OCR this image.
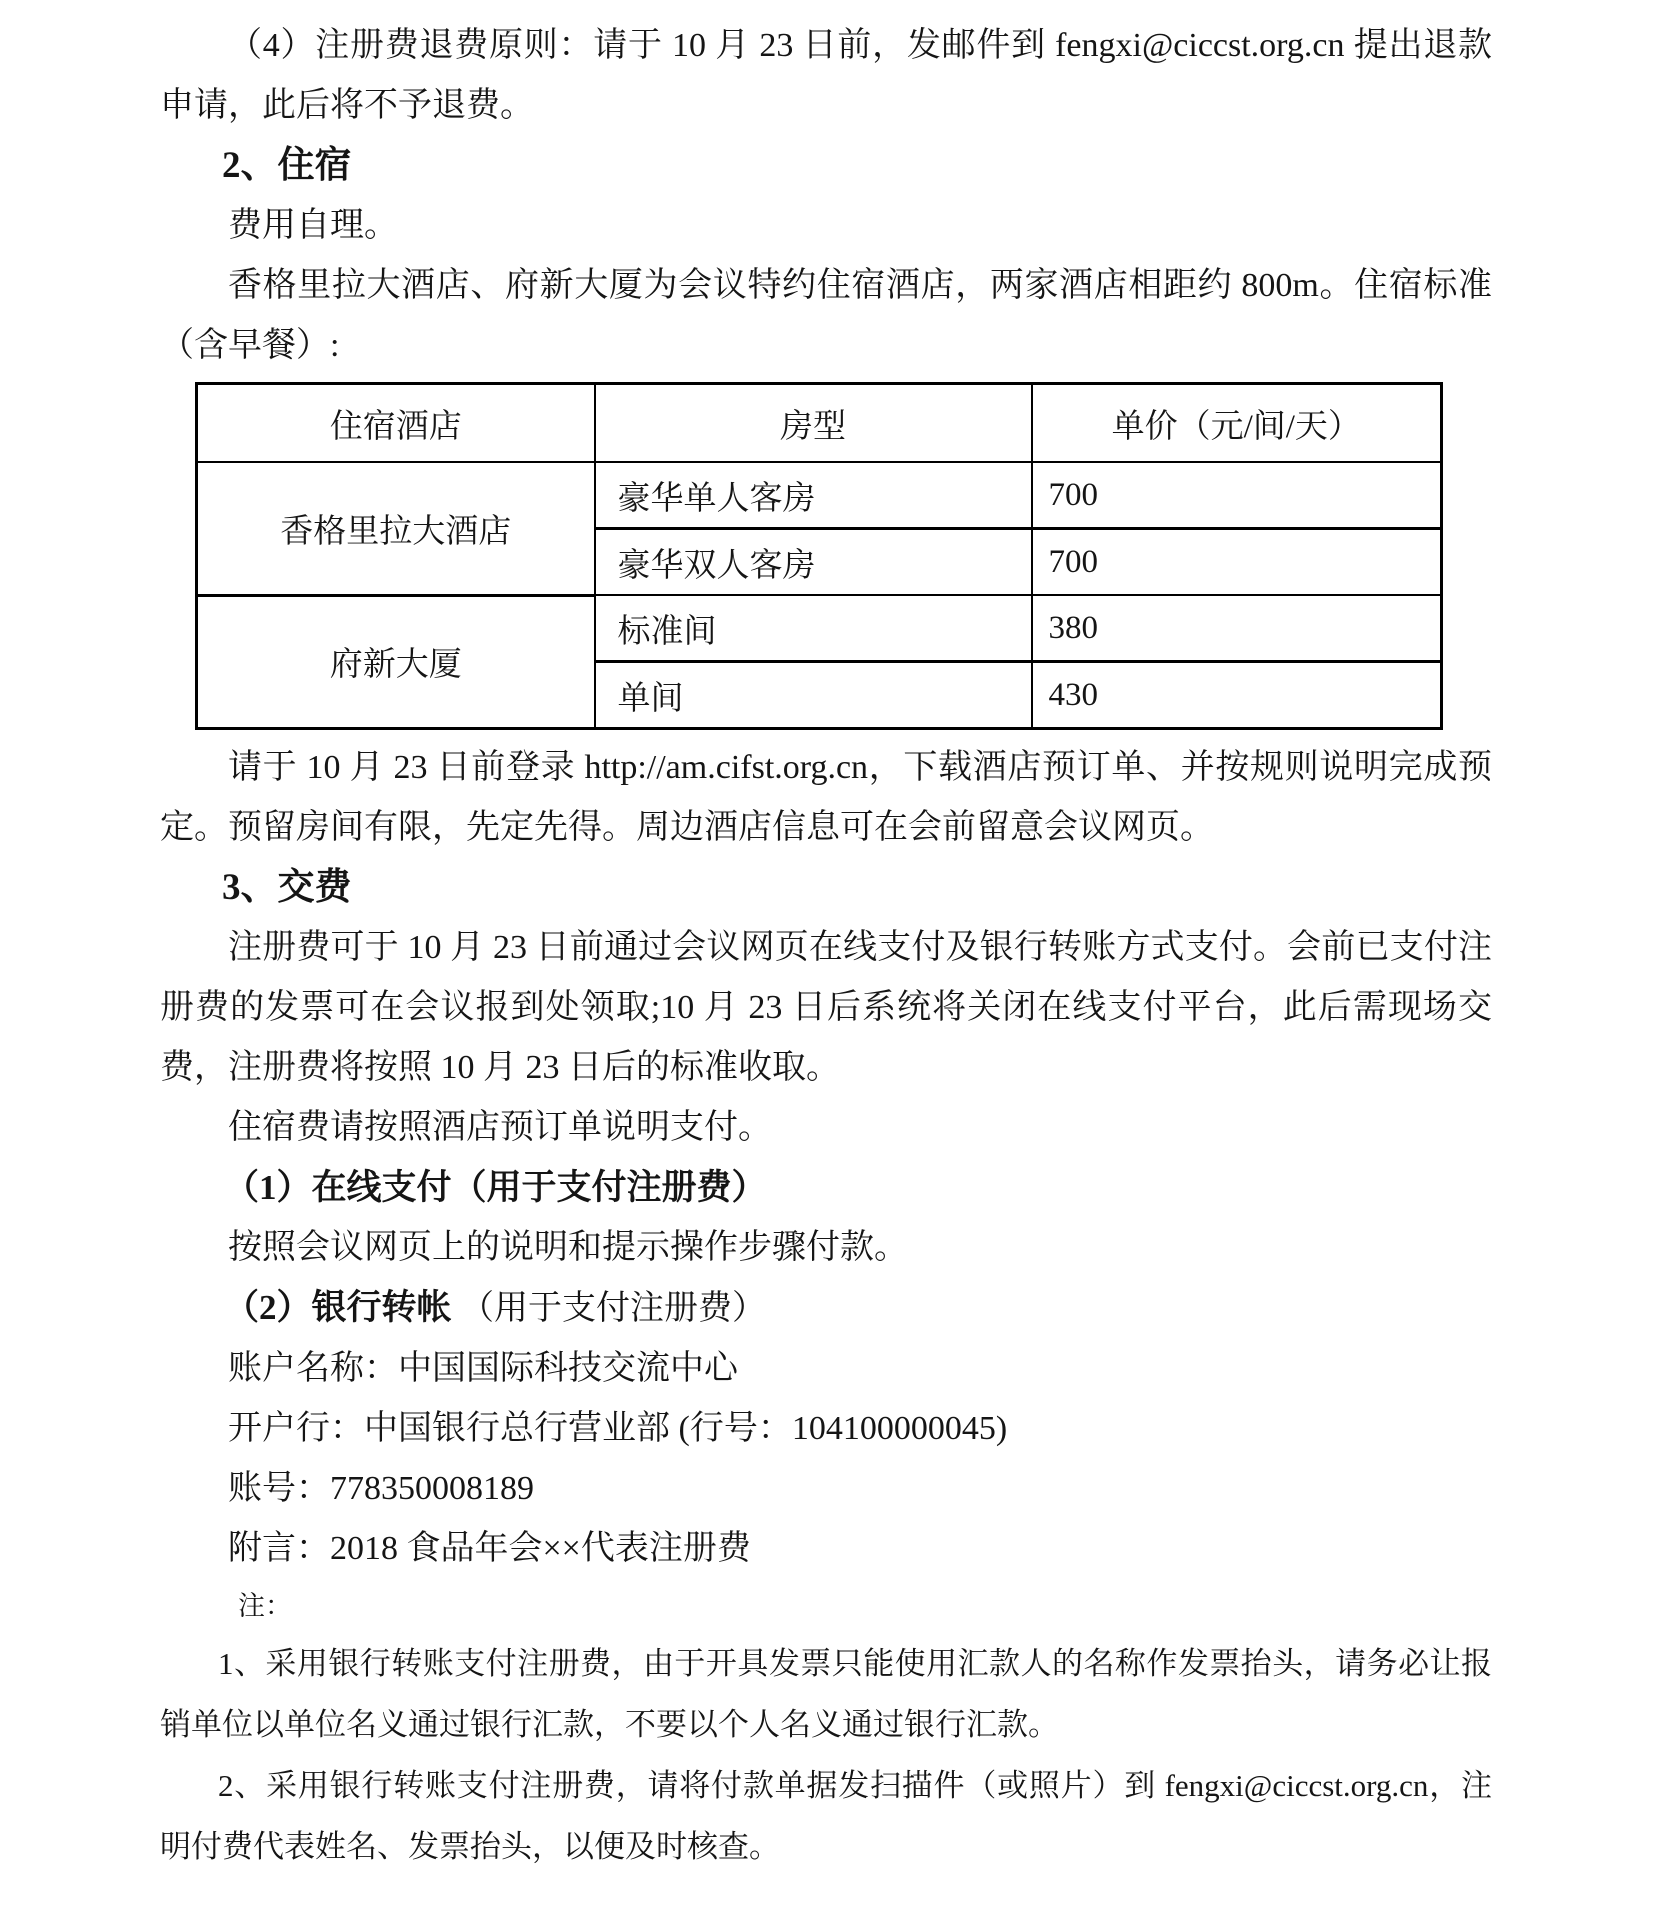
（4）注册费退费原则：请于 10 月 23 日前，发邮件到 fengxi@ciccst.org.cn 提出退款申请，此后将不予退费。

2、住宿

费用自理。

香格里拉大酒店、府新大厦为会议特约住宿酒店，两家酒店相距约 800m。住宿标准（含早餐）:

住宿酒店	房型	单价（元/间/天）
香格里拉大酒店	豪华单人客房	700
	豪华双人客房	700
府新大厦	标准间	380
	单间	430

请于 10 月 23 日前登录 http://am.cifst.org.cn，下载酒店预订单、并按规则说明完成预定。预留房间有限，先定先得。周边酒店信息可在会前留意会议网页。

3、交费

注册费可于 10 月 23 日前通过会议网页在线支付及银行转账方式支付。会前已支付注册费的发票可在会议报到处领取;10 月 23 日后系统将关闭在线支付平台，此后需现场交费，注册费将按照 10 月 23 日后的标准收取。

住宿费请按照酒店预订单说明支付。

（1）在线支付（用于支付注册费）

按照会议网页上的说明和提示操作步骤付款。

（2）银行转帐 （用于支付注册费）

账户名称：中国国际科技交流中心

开户行：中国银行总行营业部 (行号：104100000045)

账号：778350008189

附言：2018 食品年会××代表注册费

注：

1、采用银行转账支付注册费，由于开具发票只能使用汇款人的名称作发票抬头，请务必让报销单位以单位名义通过银行汇款，不要以个人名义通过银行汇款。

2、采用银行转账支付注册费，请将付款单据发扫描件（或照片）到 fengxi@ciccst.org.cn，注明付费代表姓名、发票抬头，以便及时核查。
